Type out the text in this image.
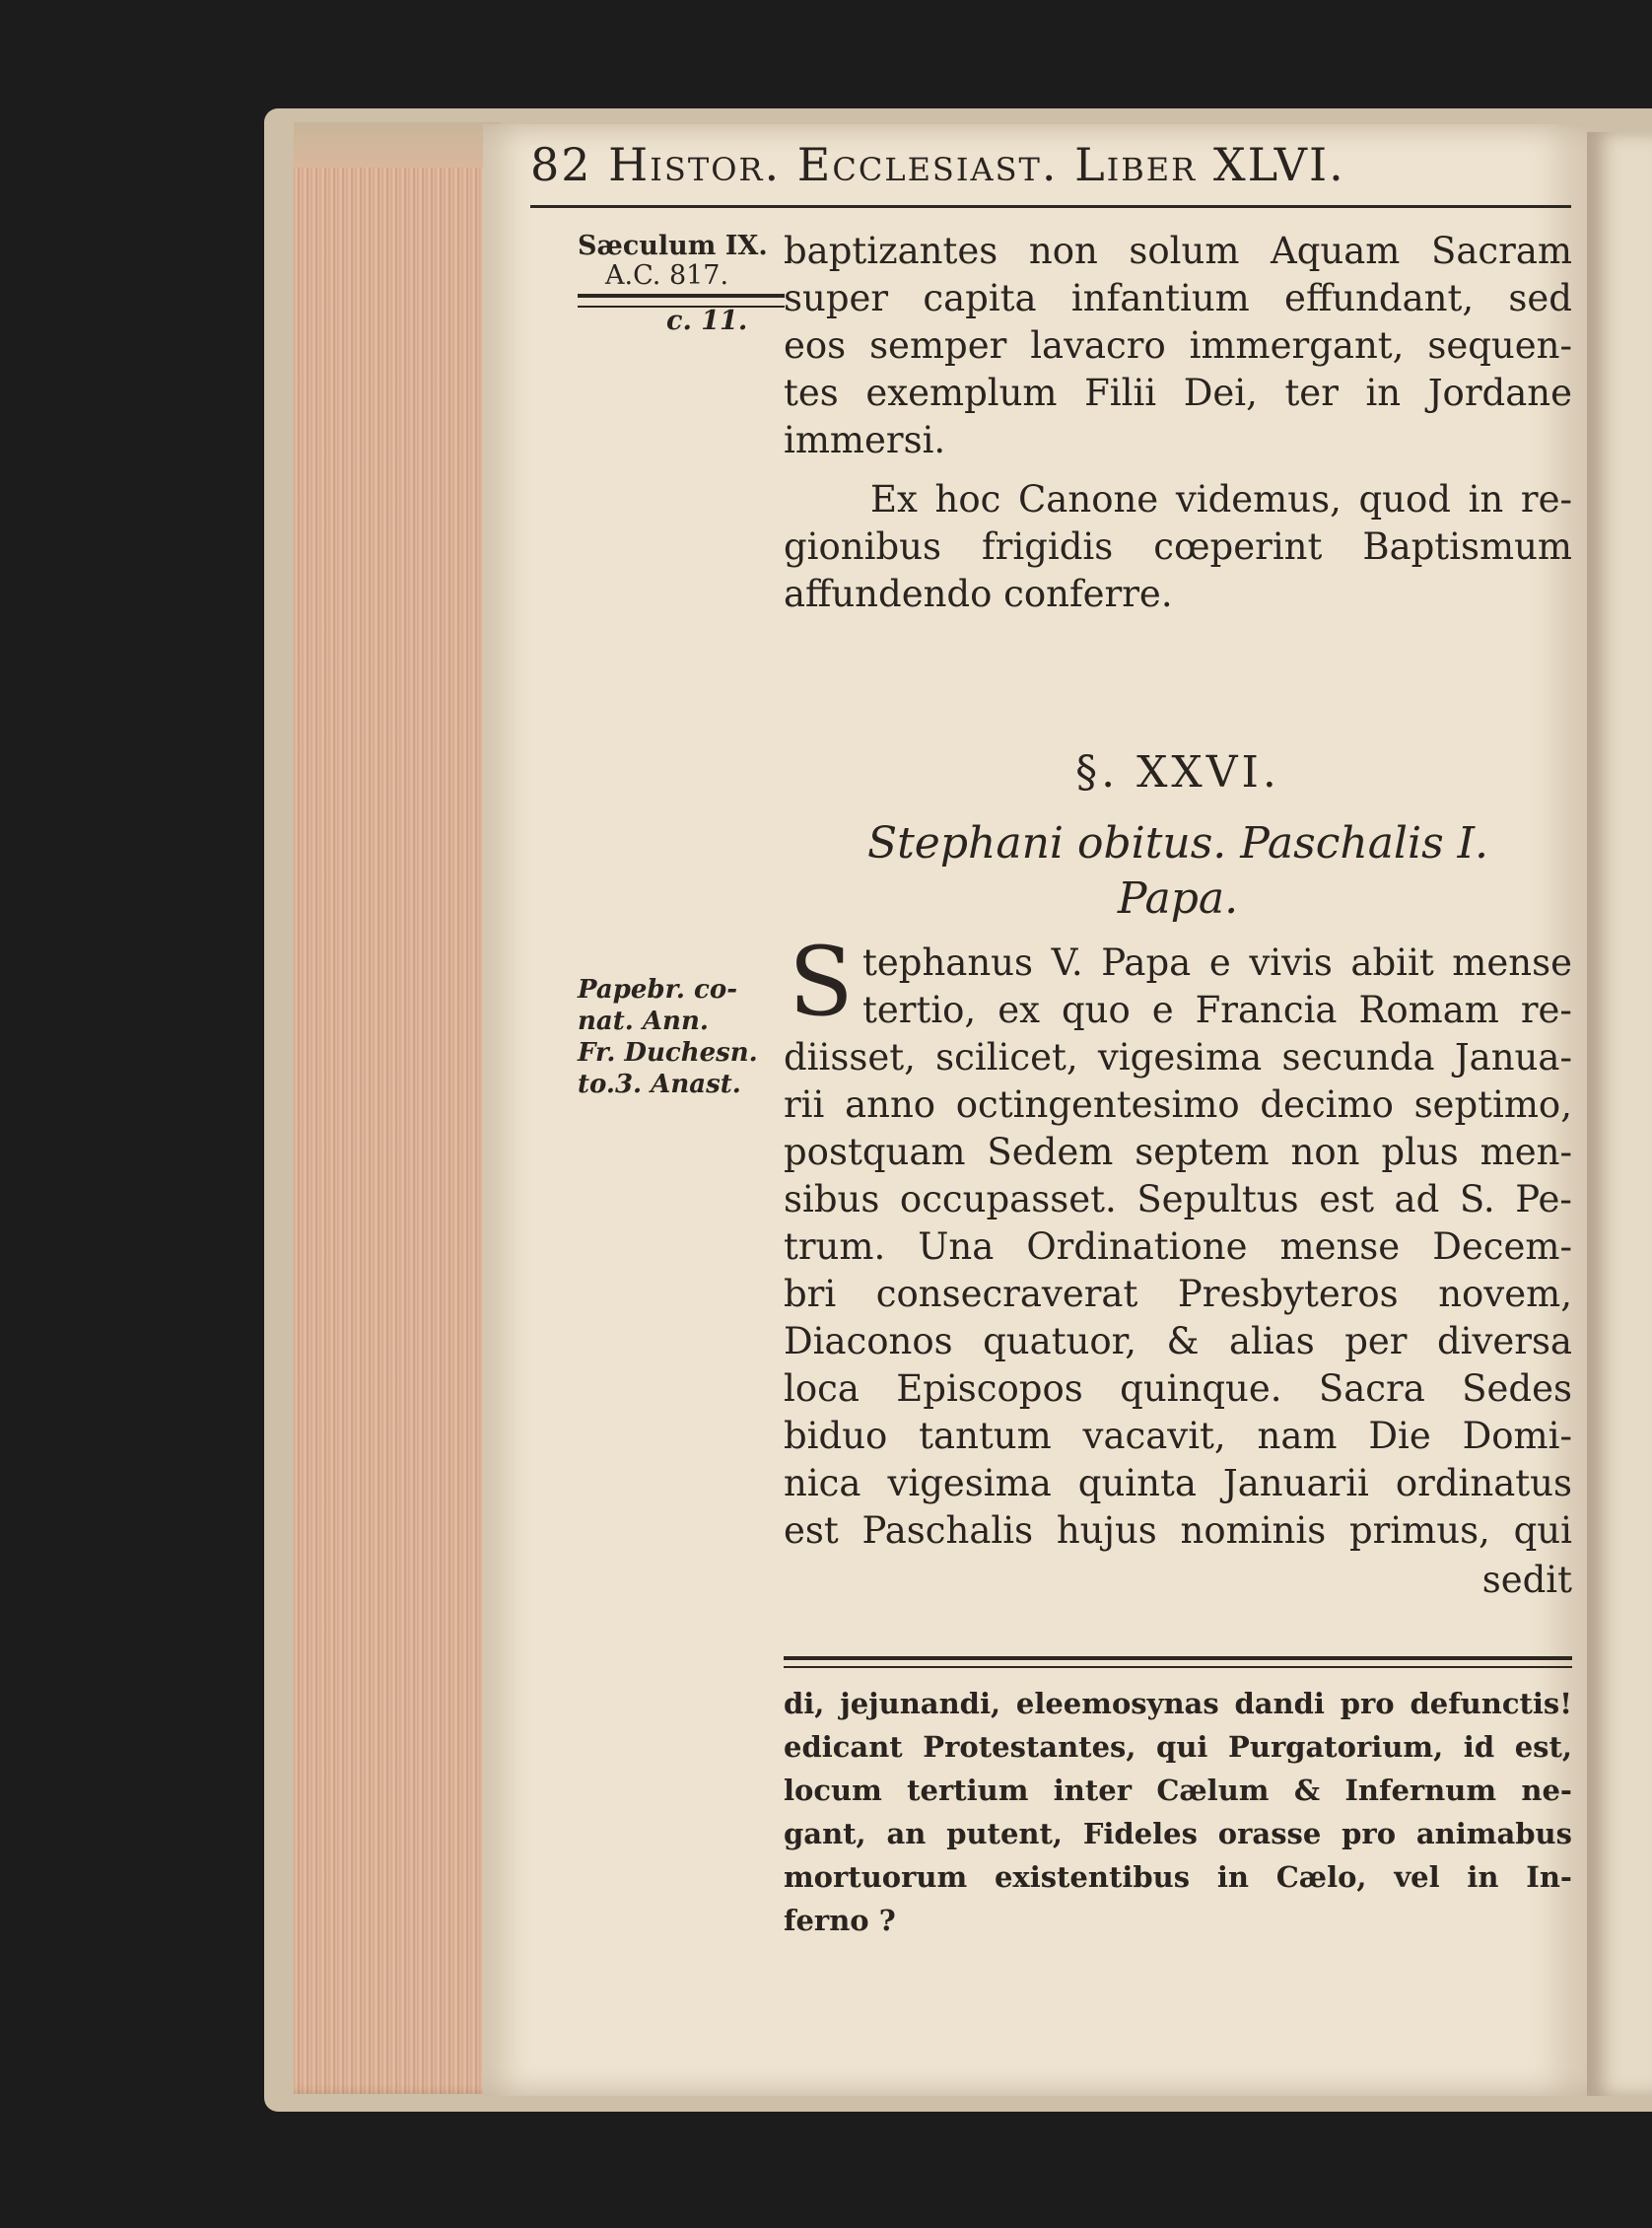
82 Histor. Ecclesiast. Liber XLVI.
Sæculum IX.
A.C. 817.
c. 11.
Papebr. co-
nat. Ann.
Fr. Duchesn.
to.3. Anast.
baptizantes non solum Aquam Sacram
super capita infantium effundant, sed
eos semper lavacro immergant, sequen-
tes exemplum Filii Dei, ter in Jordane
immersi.
Ex hoc Canone videmus, quod in re-
gionibus frigidis cœperint Baptismum
affundendo conferre.
§. XXVI.
Stephani obitus. Paschalis I.
Papa.
S tephanus V. Papa e vivis abiit mense
tertio, ex quo e Francia Romam re-
diisset, scilicet, vigesima secunda Janua-
rii anno octingentesimo decimo septimo,
postquam Sedem septem non plus men-
sibus occupasset. Sepultus est ad S. Pe-
trum. Una Ordinatione mense Decem-
bri consecraverat Presbyteros novem,
Diaconos quatuor, & alias per diversa
loca Episcopos quinque. Sacra Sedes
biduo tantum vacavit, nam Die Domi-
nica vigesima quinta Januarii ordinatus
est Paschalis hujus nominis primus, qui
sedit
di, jejunandi, eleemosynas dandi pro defunctis!
edicant Protestantes, qui Purgatorium, id est,
locum tertium inter Cælum & Infernum ne-
gant, an putent, Fideles orasse pro animabus
mortuorum existentibus in Cælo, vel in In-
ferno ?
